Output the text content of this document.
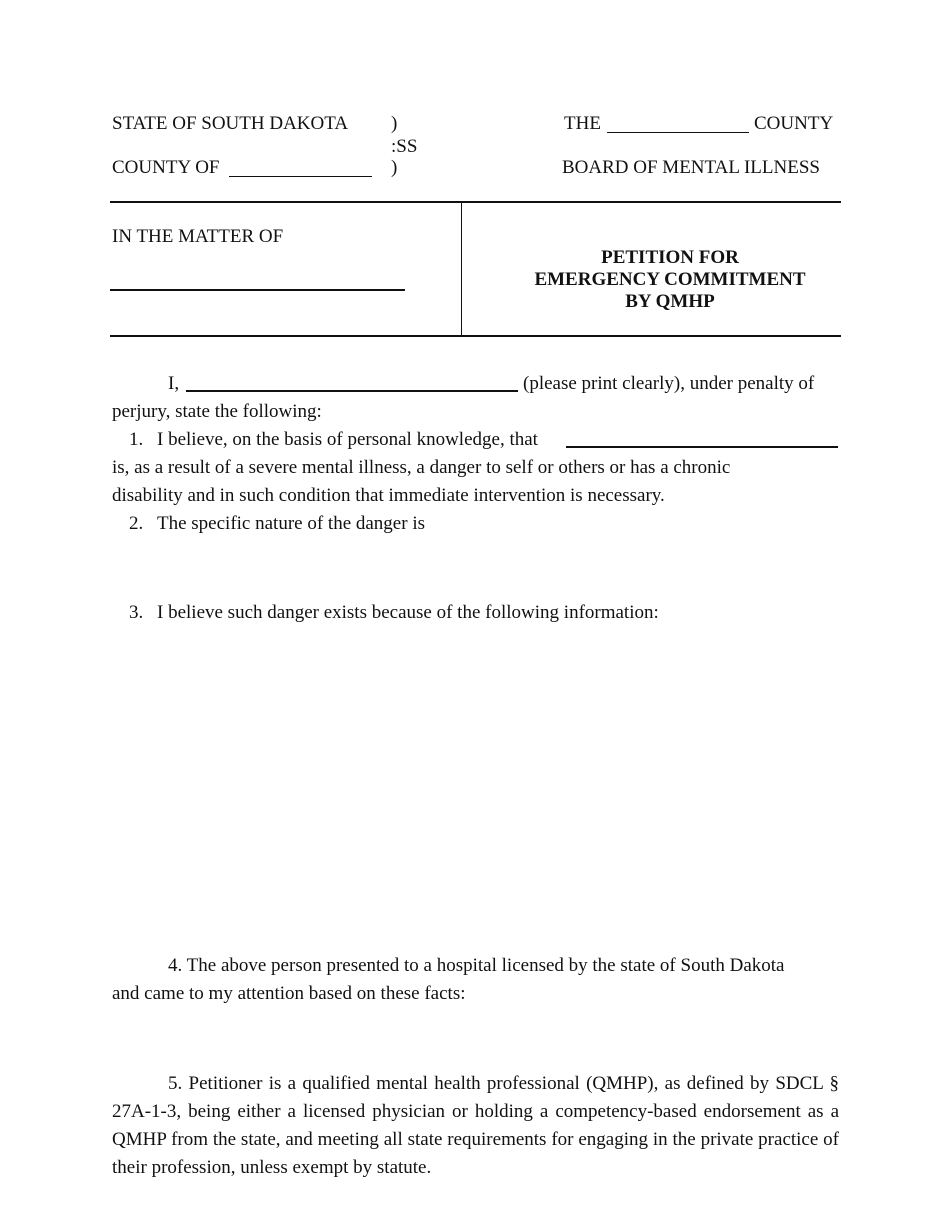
STATE OF SOUTH DAKOTA )
:SS
COUNTY OF	)
THE	COUNTY
BOARD OF MENTAL ILLNESS
IN THE MATTER OF
PETITION FOR
EMERGENCY COMMITMENT
BY QMHP
I,	(please print clearly), under penalty of
perjury, state the following:
1. I believe, on the basis of personal knowledge, that
is, as a result of a severe mental illness, a danger to self or others or has a chronic
disability and in such condition that immediate intervention is necessary.
2. The specific nature of the danger is
3. I believe such danger exists because of the following information:
4. The above person presented to a hospital licensed by the state of South Dakota
and came to my attention based on these facts:
5. Petitioner is a qualified mental health professional (QMHP), as defined by SDCL § 27A-1-3, being either a licensed physician or holding a competency-based endorsement as a QMHP from the state, and meeting all state requirements for engaging in the private practice of their profession, unless exempt by statute.
